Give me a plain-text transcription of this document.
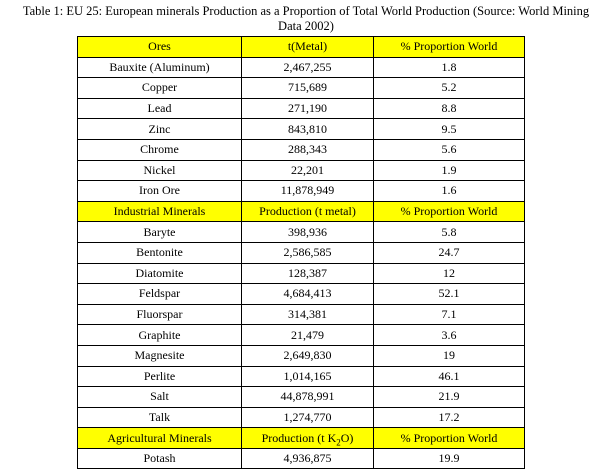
Table 1: EU 25: European minerals Production as a Proportion of Total World Production (Source: World Mining
Data 2002)
Ores	t(Metal)	% Proportion World
Bauxite (Aluminum)	2,467,255	1.8
Copper	715,689	5.2
Lead	271,190	8.8
Zinc	843,810	9.5
Chrome	288,343	5.6
Nickel	22,201	1.9
Iron Ore	11,878,949	1.6
Industrial Minerals	Production (t metal)	% Proportion World
Baryte	398,936	5.8
Bentonite	2,586,585	24.7
Diatomite	128,387	12
Feldspar	4,684,413	52.1
Fluorspar	314,381	7.1
Graphite	21,479	3.6
Magnesite	2,649,830	19
Perlite	1,014,165	46.1
Salt	44,878,991	21.9
Talk	1,274,770	17.2
Agricultural Minerals	Production (t $K_2O$)	% Proportion World
Potash	4,936,875	19.9
